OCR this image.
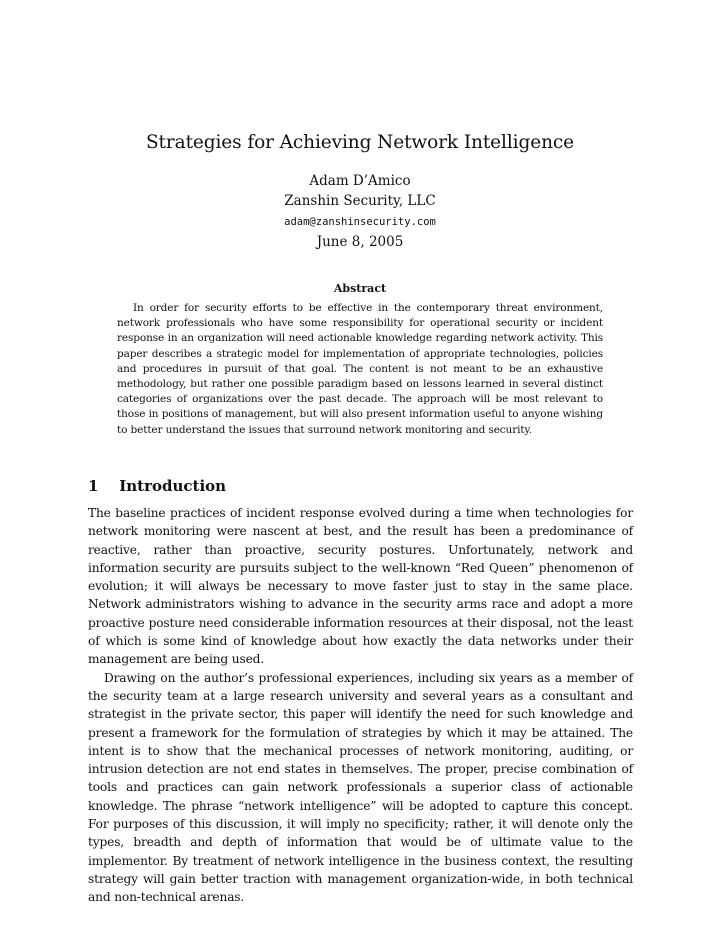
Strategies for Achieving Network Intelligence
Adam D’Amico
Zanshin Security, LLC
adam@zanshinsecurity.com
June 8, 2005
Abstract
In order for security efforts to be effective in the contemporary threat environment, network professionals who have some responsibility for operational security or incident response in an organization will need actionable knowledge regarding network activity. This paper describes a strategic model for implementation of appropriate technologies, policies and procedures in pursuit of that goal. The content is not meant to be an exhaustive methodology, but rather one possible paradigm based on lessons learned in several distinct categories of organizations over the past decade. The approach will be most relevant to those in positions of management, but will also present information useful to anyone wishing to better understand the issues that surround network monitoring and security.
1 Introduction

The baseline practices of incident response evolved during a time when technologies for network monitoring were nascent at best, and the result has been a predominance of reactive, rather than proactive, security postures. Unfortunately, network and information security are pursuits subject to the well-known “Red Queen” phenomenon of evolution; it will always be necessary to move faster just to stay in the same place. Network administrators wishing to advance in the security arms race and adopt a more proactive posture need considerable information resources at their disposal, not the least of which is some kind of knowledge about how exactly the data networks under their management are being used.

Drawing on the author’s professional experiences, including six years as a member of the security team at a large research university and several years as a consultant and strategist in the private sector, this paper will identify the need for such knowledge and present a framework for the formulation of strategies by which it may be attained. The intent is to show that the mechanical processes of network monitoring, auditing, or intrusion detection are not end states in themselves. The proper, precise combination of tools and practices can gain network professionals a superior class of actionable knowledge. The phrase “network intelligence” will be adopted to capture this concept. For purposes of this discussion, it will imply no specificity; rather, it will denote only the types, breadth and depth of information that would be of ultimate value to the implementor. By treatment of network intelligence in the business context, the resulting strategy will gain better traction with management organization-wide, in both technical and non-technical arenas.
